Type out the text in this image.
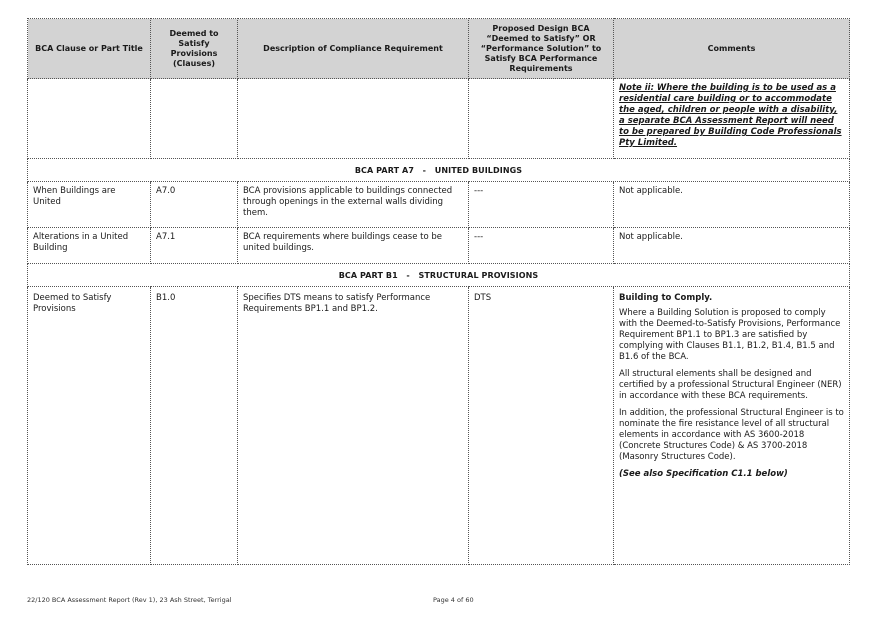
BCA Clause or Part Title	Deemed to Satisfy Provisions (Clauses)	Description of Compliance Requirement	Proposed Design BCA “Deemed to Satisfy” OR “Performance Solution” to Satisfy BCA Performance Requirements	Comments
				Note ii: Where the building is to be used as a residential care building or to accommodate the aged, children or people with a disability, a separate BCA Assessment Report will need to be prepared by Building Code Professionals Pty Limited.
BCA PART A7   -   UNITED BUILDINGS				
When Buildings are United	A7.0	BCA provisions applicable to buildings connected through openings in the external walls dividing them.	---	Not applicable.
Alterations in a United Building	A7.1	BCA requirements where buildings cease to be united buildings.	---	Not applicable.
BCA PART B1   -   STRUCTURAL PROVISIONS				
Deemed to Satisfy Provisions	B1.0	Specifies DTS means to satisfy Performance Requirements BP1.1 and BP1.2.	DTS	Building to Comply.

Where a Building Solution is proposed to comply with the Deemed-to-Satisfy Provisions, Performance Requirement BP1.1 to BP1.3 are satisfied by complying with Clauses B1.1, B1.2, B1.4, B1.5 and B1.6 of the BCA.

All structural elements shall be designed and certified by a professional Structural Engineer (NER) in accordance with these BCA requirements.

In addition, the professional Structural Engineer is to nominate the fire resistance level of all structural elements in accordance with AS 3600-2018 (Concrete Structures Code) & AS 3700-2018 (Masonry Structures Code).

(See also Specification C1.1 below)

22/120 BCA Assessment Report (Rev 1), 23 Ash Street, Terrigal	Page 4 of 60
